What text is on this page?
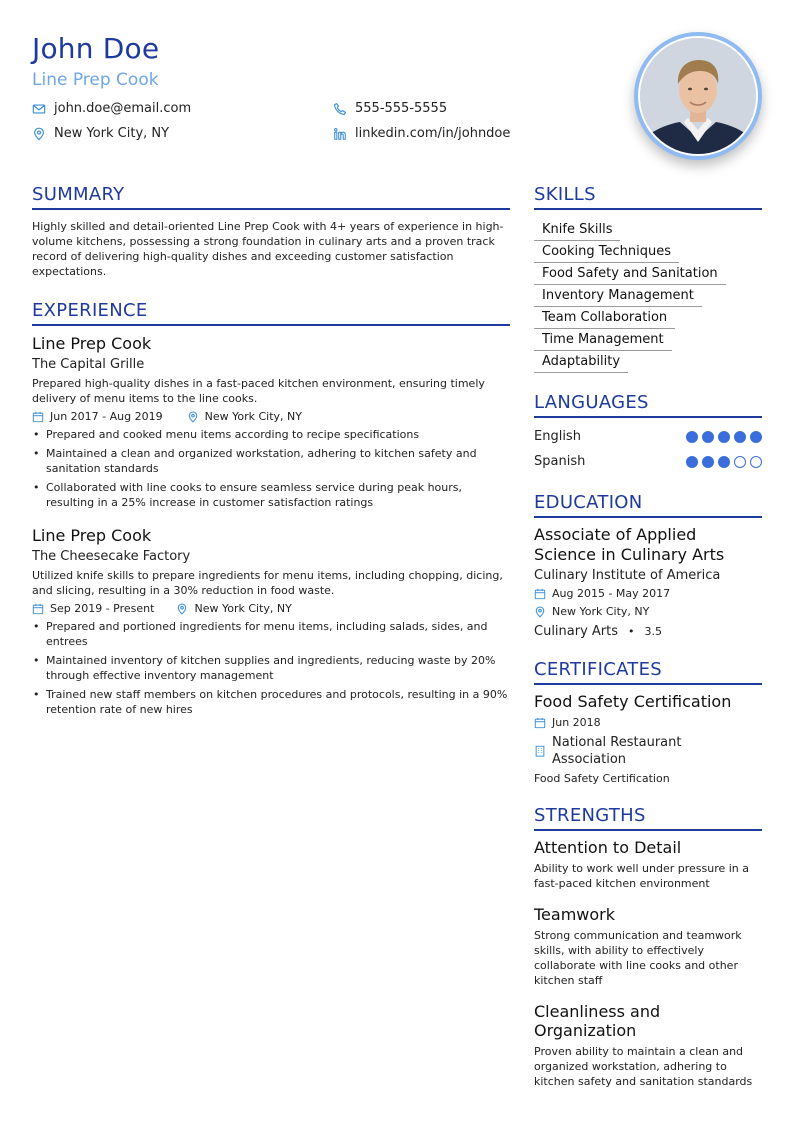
John Doe
Line Prep Cook
john.doe@email.com
New York City, NY
555-555-5555
linkedin.com/in/johndoe
SUMMARY
Highly skilled and detail-oriented Line Prep Cook with 4+ years of experience in high-volume kitchens, possessing a strong foundation in culinary arts and a proven track record of delivering high-quality dishes and exceeding customer satisfaction expectations.
EXPERIENCE
Line Prep Cook
The Capital Grille
Prepared high-quality dishes in a fast-paced kitchen environment, ensuring timely delivery of menu items to the line cooks.
Jun 2017 - Aug 2019	New York City, NY
• Prepared and cooked menu items according to recipe specifications
• Maintained a clean and organized workstation, adhering to kitchen safety and sanitation standards
• Collaborated with line cooks to ensure seamless service during peak hours, resulting in a 25% increase in customer satisfaction ratings
Line Prep Cook
The Cheesecake Factory
Utilized knife skills to prepare ingredients for menu items, including chopping, dicing, and slicing, resulting in a 30% reduction in food waste.
Sep 2019 - Present	New York City, NY
• Prepared and portioned ingredients for menu items, including salads, sides, and entrees
• Maintained inventory of kitchen supplies and ingredients, reducing waste by 20% through effective inventory management
• Trained new staff members on kitchen procedures and protocols, resulting in a 90% retention rate of new hires
SKILLS
Knife Skills
Cooking Techniques
Food Safety and Sanitation
Inventory Management
Team Collaboration
Time Management
Adaptability
LANGUAGES
English
Spanish
EDUCATION
Associate of Applied Science in Culinary Arts
Culinary Institute of America
Aug 2015 - May 2017
New York City, NY
Culinary Arts • 3.5
CERTIFICATES
Food Safety Certification
Jun 2018
National Restaurant Association
Food Safety Certification
STRENGTHS
Attention to Detail
Ability to work well under pressure in a fast-paced kitchen environment
Teamwork
Strong communication and teamwork skills, with ability to effectively collaborate with line cooks and other kitchen staff
Cleanliness and Organization
Proven ability to maintain a clean and organized workstation, adhering to kitchen safety and sanitation standards
